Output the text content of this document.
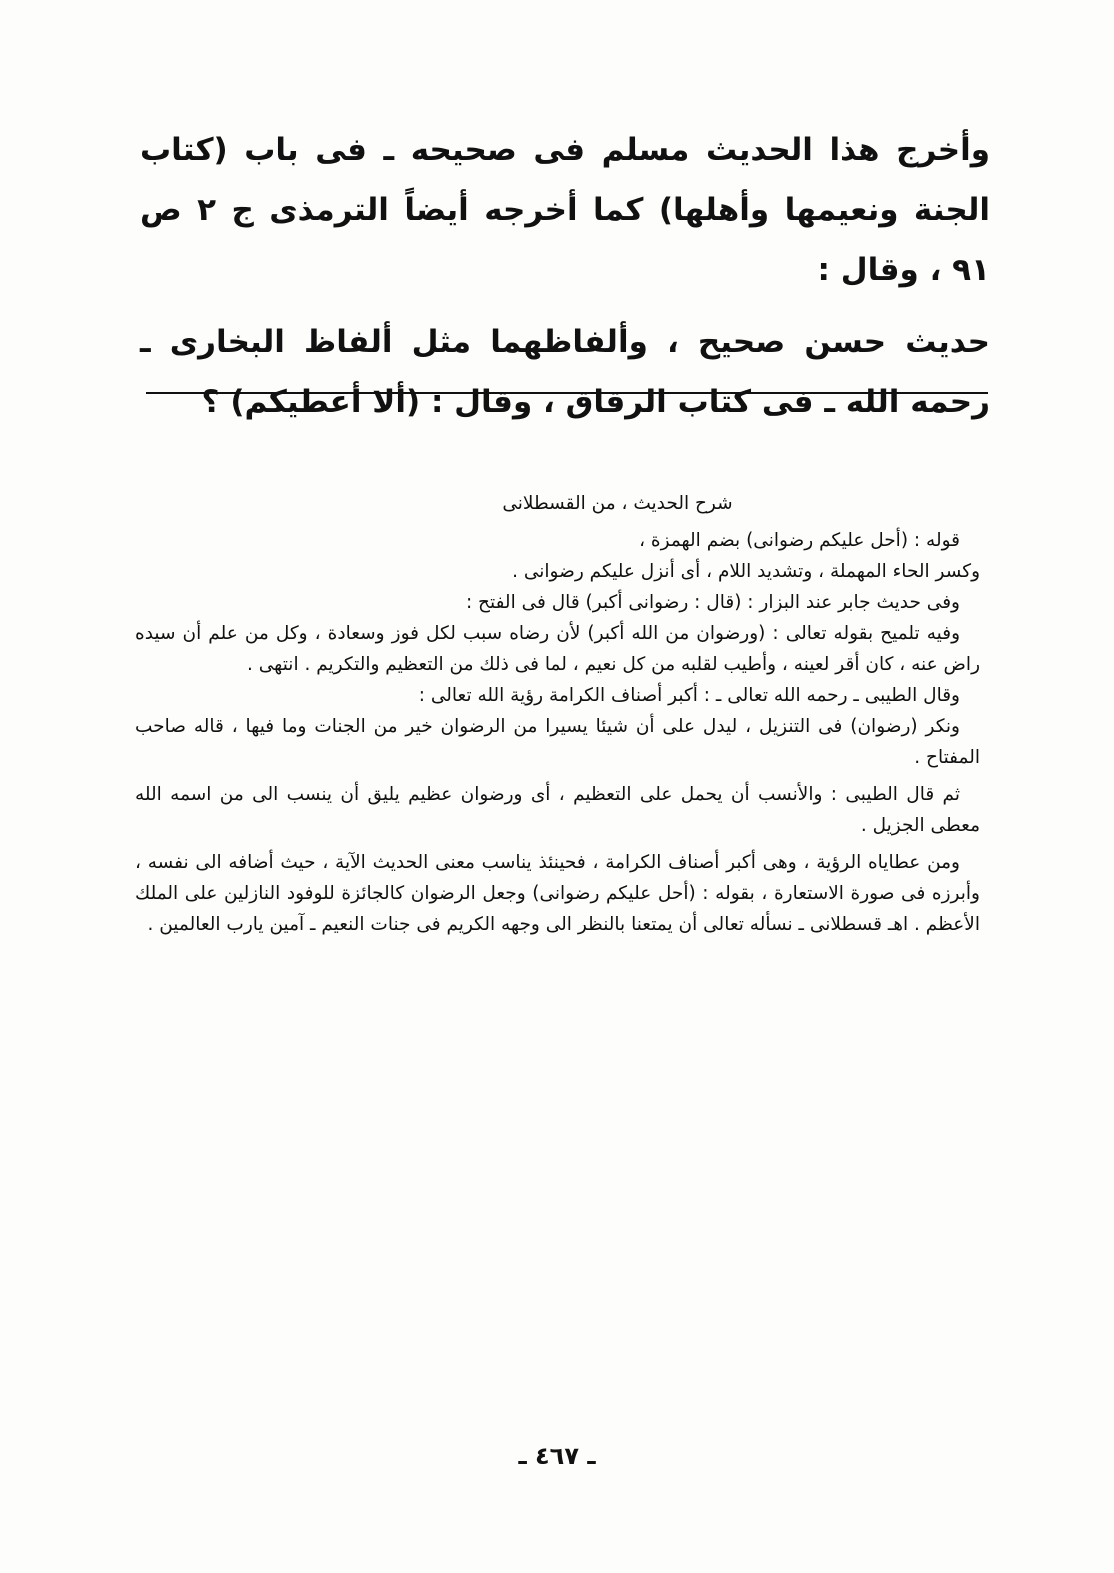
وأخرج هذا الحديث مسلم فى صحيحه ـ فى باب (كتاب الجنة ونعيمها وأهلها) كما أخرجه أيضاً الترمذى ج ٢ ص ٩١ ، وقال :

حديث حسن صحيح ، وألفاظهما مثل ألفاظ البخارى ـ رحمه الله ـ فى كتاب الرقاق ، وقال : (ألا أعطيكم) ؟

شرح الحديث ، من القسطلانى

قوله : (أحل عليكم رضوانى) بضم الهمزة ،

وكسر الحاء المهملة ، وتشديد اللام ، أى أنزل عليكم رضوانى .

وفى حديث جابر عند البزار : (قال : رضوانى أكبر) قال فى الفتح :

وفيه تلميح بقوله تعالى : (ورضوان من الله أكبر) لأن رضاه سبب لكل فوز وسعادة ، وكل من علم أن سيده راض عنه ، كان أقر لعينه ، وأطيب لقلبه من كل نعيم ، لما فى ذلك من التعظيم والتكريم . انتهى .

وقال الطيبى ـ رحمه الله تعالى ـ : أكبر أصناف الكرامة رؤية الله تعالى :

ونكر (رضوان) فى التنزيل ، ليدل على أن شيئا يسيرا من الرضوان خير من الجنات وما فيها ، قاله صاحب المفتاح .

ثم قال الطيبى : والأنسب أن يحمل على التعظيم ، أى ورضوان عظيم يليق أن ينسب الى من اسمه الله معطى الجزيل .

ومن عطاياه الرؤية ، وهى أكبر أصناف الكرامة ، فحينئذ يناسب معنى الحديث الآية ، حيث أضافه الى نفسه ، وأبرزه فى صورة الاستعارة ، بقوله : (أحل عليكم رضوانى) وجعل الرضوان كالجائزة للوفود النازلين على الملك الأعظم . اهـ قسطلانى ـ نسأله تعالى أن يمتعنا بالنظر الى وجهه الكريم فى جنات النعيم ـ آمين يارب العالمين .

ـ ٤٦٧ ـ
